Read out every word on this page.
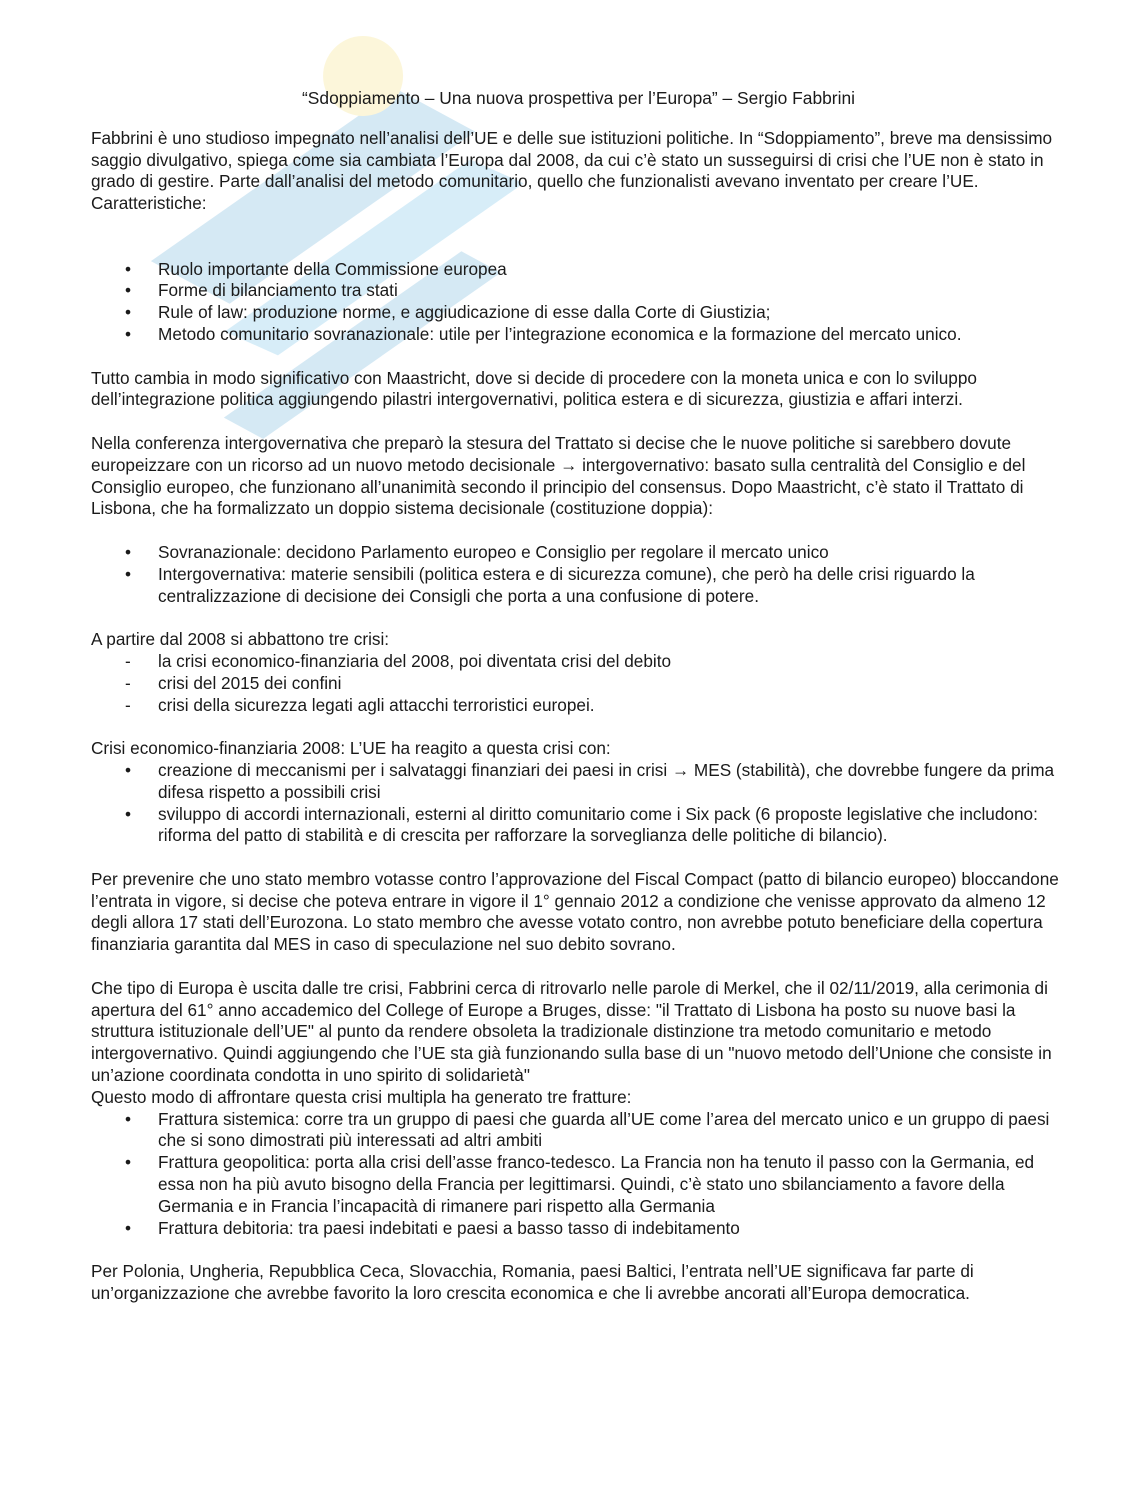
“Sdoppiamento – Una nuova prospettiva per l’Europa” – Sergio Fabbrini

Fabbrini è uno studioso impegnato nell’analisi dell’UE e delle sue istituzioni politiche. In “Sdoppiamento”, breve ma densissimo saggio divulgativo, spiega come sia cambiata l’Europa dal 2008, da cui c’è stato un susseguirsi di crisi che l’UE non è stato in grado di gestire. Parte dall’analisi del metodo comunitario, quello che funzionalisti avevano inventato per creare l’UE. Caratteristiche:

•
Ruolo importante della Commissione europea
•
Forme di bilanciamento tra stati
•
Rule of law: produzione norme, e aggiudicazione di esse dalla Corte di Giustizia;
•
Metodo comunitario sovranazionale: utile per l’integrazione economica e la formazione del mercato unico.

Tutto cambia in modo significativo con Maastricht, dove si decide di procedere con la moneta unica e con lo sviluppo dell’integrazione politica aggiungendo pilastri intergovernativi, politica estera e di sicurezza, giustizia e affari interzi.

Nella conferenza intergovernativa che preparò la stesura del Trattato si decise che le nuove politiche si sarebbero dovute europeizzare con un ricorso ad un nuovo metodo decisionale → intergovernativo: basato sulla centralità del Consiglio e del Consiglio europeo, che funzionano all’unanimità secondo il principio del consensus. Dopo Maastricht, c’è stato il Trattato di Lisbona, che ha formalizzato un doppio sistema decisionale (costituzione doppia):

•
Sovranazionale: decidono Parlamento europeo e Consiglio per regolare il mercato unico
•
Intergovernativa: materie sensibili (politica estera e di sicurezza comune), che però ha delle crisi riguardo la centralizzazione di decisione dei Consigli che porta a una confusione di potere.

A partire dal 2008 si abbattono tre crisi:

-
la crisi economico-finanziaria del 2008, poi diventata crisi del debito
-
crisi del 2015 dei confini
-
crisi della sicurezza legati agli attacchi terroristici europei.

Crisi economico-finanziaria 2008: L’UE ha reagito a questa crisi con:

•
creazione di meccanismi per i salvataggi finanziari dei paesi in crisi → MES (stabilità), che dovrebbe fungere da prima difesa rispetto a possibili crisi
•
sviluppo di accordi internazionali, esterni al diritto comunitario come i Six pack (6 proposte legislative che includono: riforma del patto di stabilità e di crescita per rafforzare la sorveglianza delle politiche di bilancio).

Per prevenire che uno stato membro votasse contro l’approvazione del Fiscal Compact (patto di bilancio europeo) bloccandone l’entrata in vigore, si decise che poteva entrare in vigore il 1° gennaio 2012 a condizione che venisse approvato da almeno 12 degli allora 17 stati dell’Eurozona. Lo stato membro che avesse votato contro, non avrebbe potuto beneficiare della copertura finanziaria garantita dal MES in caso di speculazione nel suo debito sovrano.

Che tipo di Europa è uscita dalle tre crisi, Fabbrini cerca di ritrovarlo nelle parole di Merkel, che il 02/11/2019, alla cerimonia di apertura del 61° anno accademico del College of Europe a Bruges, disse: "il Trattato di Lisbona ha posto su nuove basi la struttura istituzionale dell’UE" al punto da rendere obsoleta la tradizionale distinzione tra metodo comunitario e metodo intergovernativo. Quindi aggiungendo che l’UE sta già funzionando sulla base di un "nuovo metodo dell’Unione che consiste in un’azione coordinata condotta in uno spirito di solidarietà"

Questo modo di affrontare questa crisi multipla ha generato tre fratture:

•
Frattura sistemica: corre tra un gruppo di paesi che guarda all’UE come l’area del mercato unico e un gruppo di paesi che si sono dimostrati più interessati ad altri ambiti
•
Frattura geopolitica: porta alla crisi dell’asse franco-tedesco. La Francia non ha tenuto il passo con la Germania, ed essa non ha più avuto bisogno della Francia per legittimarsi. Quindi, c’è stato uno sbilanciamento a favore della Germania e in Francia l’incapacità di rimanere pari rispetto alla Germania
•
Frattura debitoria: tra paesi indebitati e paesi a basso tasso di indebitamento

Per Polonia, Ungheria, Repubblica Ceca, Slovacchia, Romania, paesi Baltici, l’entrata nell’UE significava far parte di un’organizzazione che avrebbe favorito la loro crescita economica e che li avrebbe ancorati all’Europa democratica.
